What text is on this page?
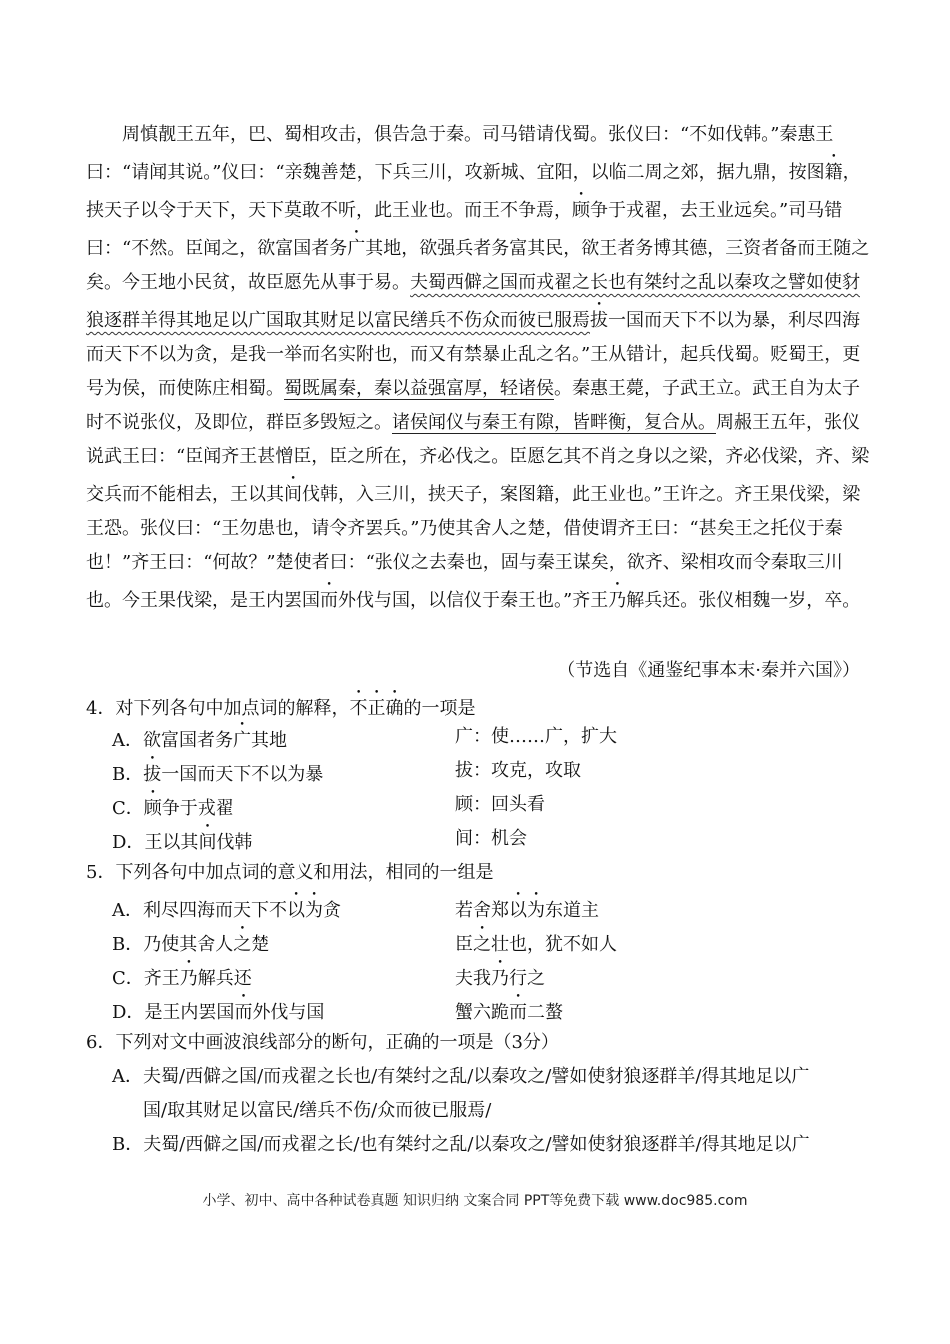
周慎靓王五年，巴、蜀相攻击，俱告急于秦。司马错请伐蜀。张仪曰：“不如伐韩。”秦惠王曰：“请闻其说。”仪曰：“亲魏善楚，下兵三川，攻新城、宜阳，以临二周之郊，据九鼎，按图籍，挟天子以令于天下，天下莫敢不听，此王业也。而王不争焉，顾争于戎翟，去王业远矣。”司马错曰：“不然。臣闻之，欲富国者务广其地，欲强兵者务富其民，欲王者务博其德，三资者备而王随之矣。今王地小民贫，故臣愿先从事于易。夫蜀西僻之国而戎翟之长也有桀纣之乱以秦攻之譬如使豺狼逐群羊得其地足以广国取其财足以富民缮兵不伤众而彼已服焉拔一国而天下不以为暴，利尽四海而天下不以为贪，是我一举而名实附也，而又有禁暴止乱之名。”王从错计，起兵伐蜀。贬蜀王，更号为侯，而使陈庄相蜀。蜀既属秦，秦以益强富厚，轻诸侯。秦惠王薨，子武王立。武王自为太子时不说张仪，及即位，群臣多毁短之。诸侯闻仪与秦王有隙，皆畔衡，复合从。周赧王五年，张仪说武王曰：“臣闻齐王甚憎臣，臣之所在，齐必伐之。臣愿乞其不肖之身以之梁，齐必伐梁，齐、梁交兵而不能相去，王以其间伐韩，入三川，挟天子，案图籍，此王业也。”王许之。齐王果伐梁，梁王恐。张仪曰：“王勿患也，请令齐罢兵。”乃使其舍人之楚，借使谓齐王曰：“甚矣王之托仪于秦也！”齐王曰：“何故？”楚使者曰：“张仪之去秦也，固与秦王谋矣，欲齐、梁相攻而令秦取三川也。今王果伐梁，是王内罢国而外伐与国，以信仪于秦王也。”齐王乃解兵还。张仪相魏一岁，卒。
（节选自《通鉴纪事本末·秦并六国》）
4．对下列各句中加点词的解释，不正确的一项是
A．欲富国者务广其地	广：使……广，扩大
B．拔一国而天下不以为暴	拔：攻克，攻取
C．顾争于戎翟	顾：回头看
D．王以其间伐韩	间：机会
5．下列各句中加点词的意义和用法，相同的一组是
A．利尽四海而天下不以为贪	若舍郑以为东道主
B．乃使其舍人之楚	臣之壮也，犹不如人
C．齐王乃解兵还	夫我乃行之
D．是王内罢国而外伐与国	蟹六跪而二螯
6．下列对文中画波浪线部分的断句，正确的一项是（3分）
A．夫蜀/西僻之国/而戎翟之长也/有桀纣之乱/以秦攻之/譬如使豺狼逐群羊/得其地足以广
国/取其财足以富民/缮兵不伤/众而彼已服焉/
B．夫蜀/西僻之国/而戎翟之长/也有桀纣之乱/以秦攻之/譬如使豺狼逐群羊/得其地足以广
小学、初中、高中各种试卷真题 知识归纳 文案合同 PPT等免费下载 www.doc985.com
